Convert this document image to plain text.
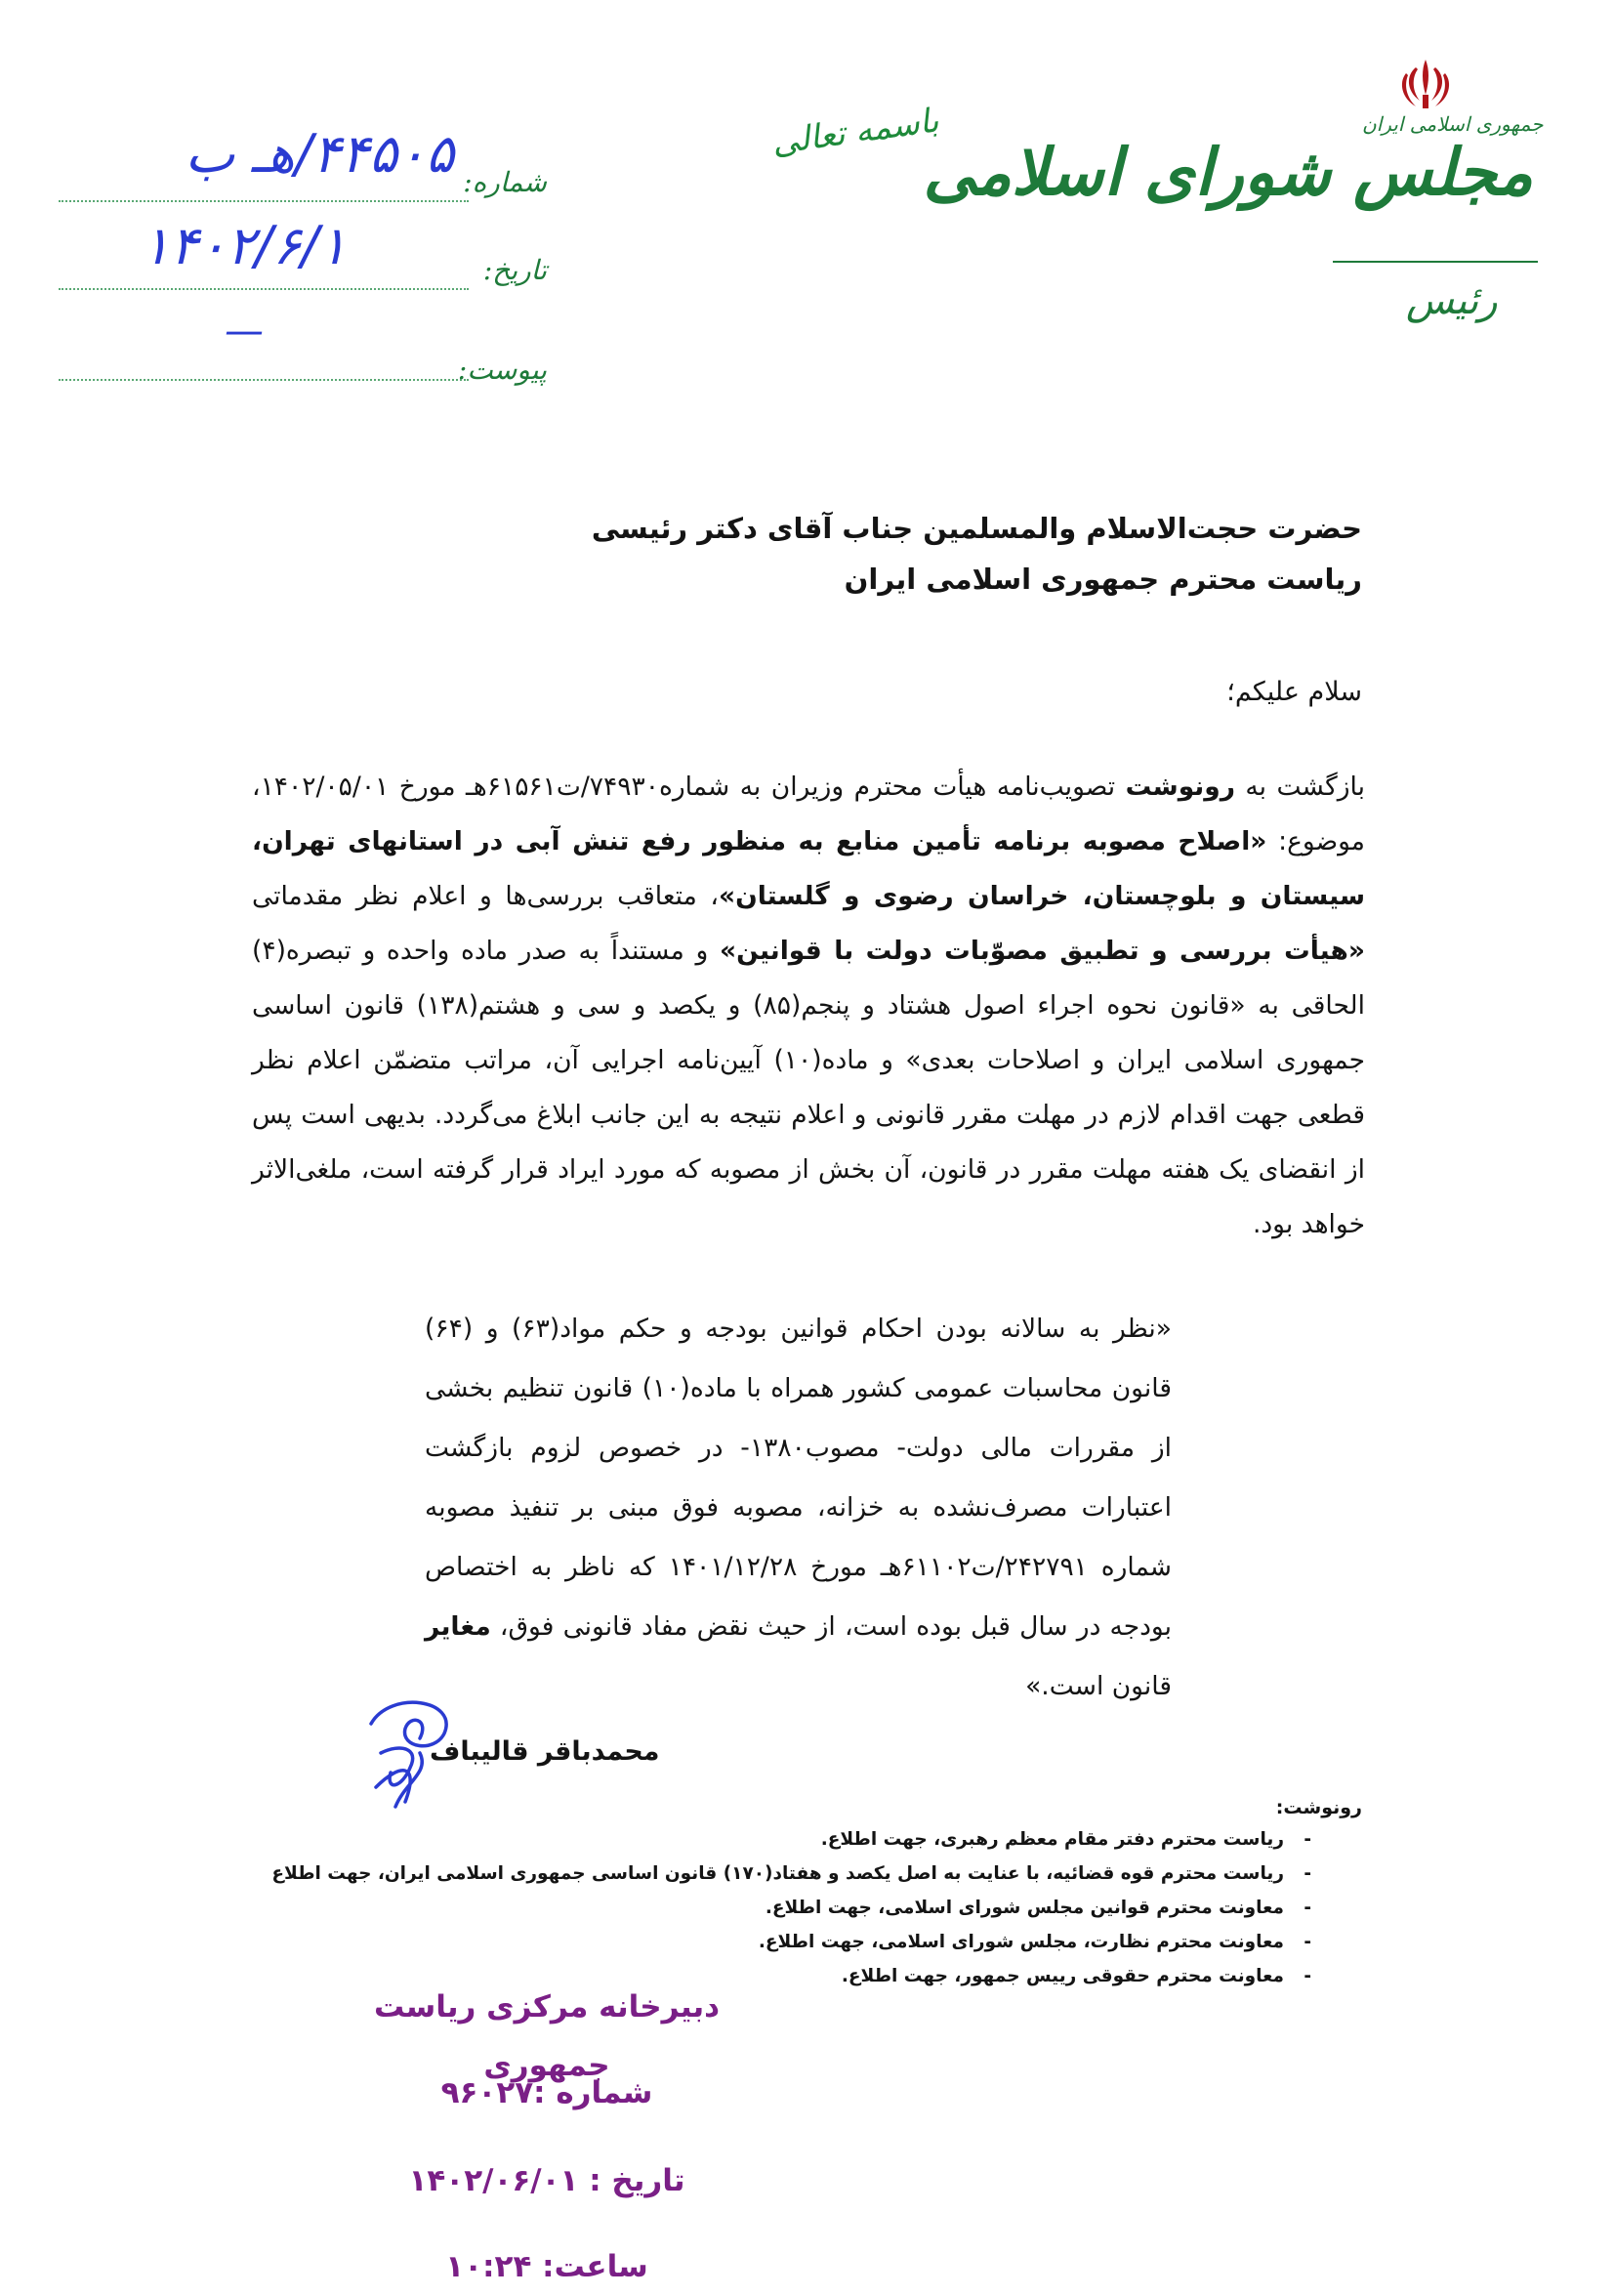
شماره:
۴۴۵۰۵/هـ ب
تاریخ:
۱۴۰۲/۶/۱
پیوست:
—
باسمه تعالی	جمهوری اسلامی ایران
مجلس شورای اسلامی
رئیس
حضرت حجت‌الاسلام والمسلمین جناب آقای دکتر رئیسی
ریاست محترم جمهوری اسلامی ایران
سلام علیکم؛
بازگشت به رونوشت تصویب‌نامه هیأت محترم وزیران به شماره۷۴۹۳۰/ت۶۱۵۶۱هـ مورخ ۱۴۰۲/۰۵/۰۱، موضوع: «اصلاح مصوبه برنامه تأمین منابع به منظور رفع تنش آبی در استانهای تهران، سیستان و بلوچستان، خراسان رضوی و گلستان»، متعاقب بررسی‌ها و اعلام نظر مقدماتی «هیأت بررسی و تطبیق مصوّبات دولت با قوانین» و مستنداً به صدر ماده واحده و تبصره(۴) الحاقی به «قانون نحوه اجراء اصول هشتاد و پنجم(۸۵) و یکصد و سی و هشتم(۱۳۸) قانون اساسی جمهوری اسلامی ایران و اصلاحات بعدی» و ماده(۱۰) آیین‌نامه اجرایی آن، مراتب متضمّن اعلام نظر قطعی جهت اقدام لازم در مهلت مقرر قانونی و اعلام نتیجه به این جانب ابلاغ می‌گردد. بدیهی است پس از انقضای یک هفته مهلت مقرر در قانون، آن بخش از مصوبه که مورد ایراد قرار گرفته است، ملغی‌الاثر خواهد بود.
«نظر به سالانه بودن احکام قوانین بودجه و حکم مواد(۶۳) و (۶۴) قانون محاسبات عمومی کشور همراه با ماده(۱۰) قانون تنظیم بخشی از مقررات مالی دولت- مصوب۱۳۸۰- در خصوص لزوم بازگشت اعتبارات مصرف‌نشده به خزانه، مصوبه فوق مبنی بر تنفیذ مصوبه شماره ۲۴۲۷۹۱/ت۶۱۱۰۲هـ مورخ ۱۴۰۱/۱۲/۲۸ که ناظر به اختصاص بودجه در سال قبل بوده است، از حیث نقض مفاد قانونی فوق، مغایر قانون است.»
محمدباقر قالیباف
رونوشت:
-
ریاست محترم دفتر مقام معظم رهبری، جهت اطلاع.
-
ریاست محترم قوه قضائیه، با عنایت به اصل یکصد و هفتاد(۱۷۰) قانون اساسی جمهوری اسلامی ایران، جهت اطلاع
-
معاونت محترم قوانین مجلس شورای اسلامی، جهت اطلاع.
-
معاونت محترم نظارت، مجلس شورای اسلامی، جهت اطلاع.
-
معاونت محترم حقوقی رییس جمهور، جهت اطلاع.
دبیرخانه مرکزی ریاست جمهوری
شماره :۹۶۰۲۷
تاریخ : ۱۴۰۲/۰۶/۰۱
ساعت: ۱۰:۲۴
